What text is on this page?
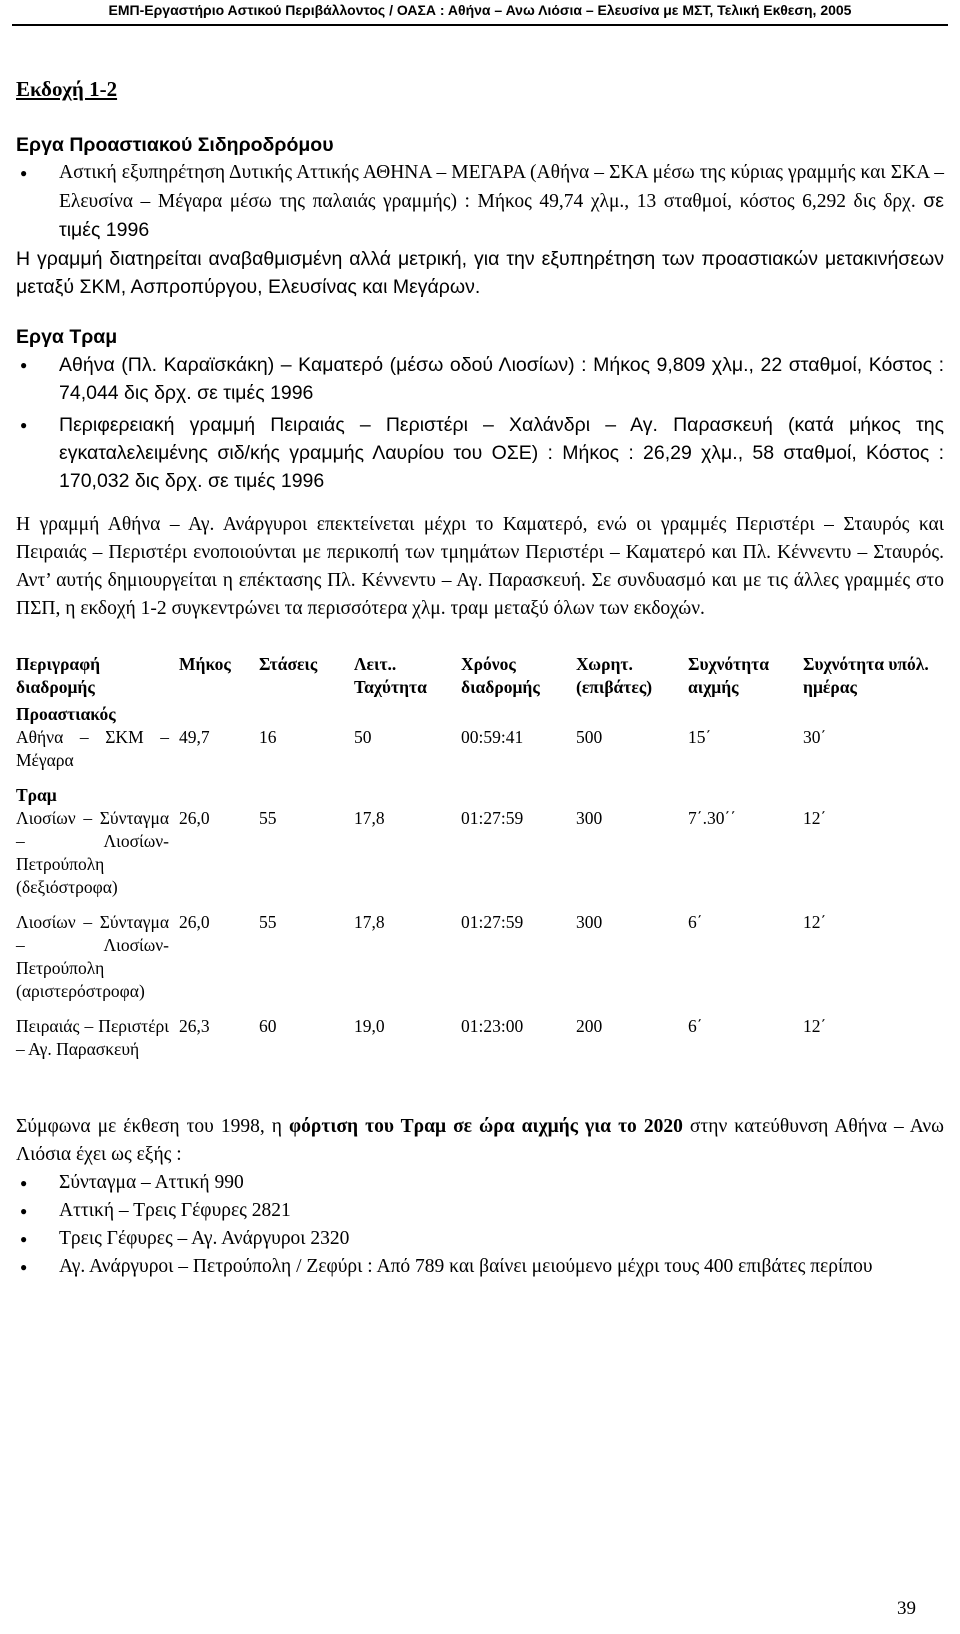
ΕΜΠ-Εργαστήριο Αστικού Περιβάλλοντος / ΟΑΣΑ : Αθήνα – Ανω Λιόσια – Ελευσίνα με ΜΣΤ, Τελική Εκθεση, 2005
Εκδοχή 1-2
Εργα Προαστιακού Σιδηροδρόμου
● Αστική εξυπηρέτηση Δυτικής Αττικής ΑΘΗΝΑ – ΜΕΓΑΡΑ (Αθήνα – ΣΚΑ μέσω της κύριας γραμμής και ΣΚΑ – Ελευσίνα – Μέγαρα μέσω της παλαιάς γραμμής) : Μήκος 49,74 χλμ., 13 σταθμοί, κόστος 6,292 δις δρχ. σε τιμές 1996

Η γραμμή διατηρείται αναβαθμισμένη αλλά μετρική, για την εξυπηρέτηση των προαστιακών μετακινήσεων μεταξύ ΣΚΜ, Ασπροπύργου, Ελευσίνας και Μεγάρων.

Εργα Τραμ
● Αθήνα (Πλ. Καραϊσκάκη) – Καματερό (μέσω οδού Λιοσίων) : Μήκος 9,809 χλμ., 22 σταθμοί, Κόστος : 74,044 δις δρχ. σε τιμές 1996
● Περιφερειακή γραμμή Πειραιάς – Περιστέρι – Χαλάνδρι – Αγ. Παρασκευή (κατά μήκος της εγκαταλελειμένης σιδ/κής γραμμής Λαυρίου του ΟΣΕ) : Μήκος : 26,29 χλμ., 58 σταθμοί, Κόστος : 170,032 δις δρχ. σε τιμές 1996

Η γραμμή Αθήνα – Αγ. Ανάργυροι επεκτείνεται μέχρι το Καματερό, ενώ οι γραμμές Περιστέρι – Σταυρός και Πειραιάς – Περιστέρι ενοποιούνται με περικοπή των τμημάτων Περιστέρι – Καματερό και Πλ. Κέννεντυ – Σταυρός. Αντ’ αυτής δημιουργείται η επέκτασης Πλ. Κέννεντυ – Αγ. Παρασκευή. Σε συνδυασμό και με τις άλλες γραμμές στο ΠΣΠ, η εκδοχή 1-2 συγκεντρώνει τα περισσότερα χλμ. τραμ μεταξύ όλων των εκδοχών.

Περιγραφή διαδρομής	Μήκος	Στάσεις	Λειτ.. Ταχύτητα	Χρόνος διαδρομής	Χωρητ. (επιβάτες)	Συχνότητα αιχμής	Συχνότητα υπόλ. ημέρας
Προαστιακός							
Αθήνα – ΣΚΜ – Μέγαρα	49,7	16	50	00:59:41	500	15΄	30΄
Τραμ							
Λιοσίων – Σύνταγμα – Λιοσίων-Πετρούπολη (δεξιόστροφα)	26,0	55	17,8	01:27:59	300	7΄.30΄΄	12΄
Λιοσίων – Σύνταγμα – Λιοσίων-Πετρούπολη (αριστερόστροφα)	26,0	55	17,8	01:27:59	300	6΄	12΄
Πειραιάς – Περιστέρι – Αγ. Παρασκευή	26,3	60	19,0	01:23:00	200	6΄	12΄

Σύμφωνα με έκθεση του 1998, η φόρτιση του Τραμ σε ώρα αιχμής για το 2020 στην κατεύθυνση Αθήνα – Ανω Λιόσια έχει ως εξής :

● Σύνταγμα – Αττική 990
● Αττική – Τρεις Γέφυρες 2821
● Τρεις Γέφυρες – Αγ. Ανάργυροι 2320
● Αγ. Ανάργυροι – Πετρούπολη / Ζεφύρι : Από 789 και βαίνει μειούμενο μέχρι τους 400 επιβάτες περίπου
39
